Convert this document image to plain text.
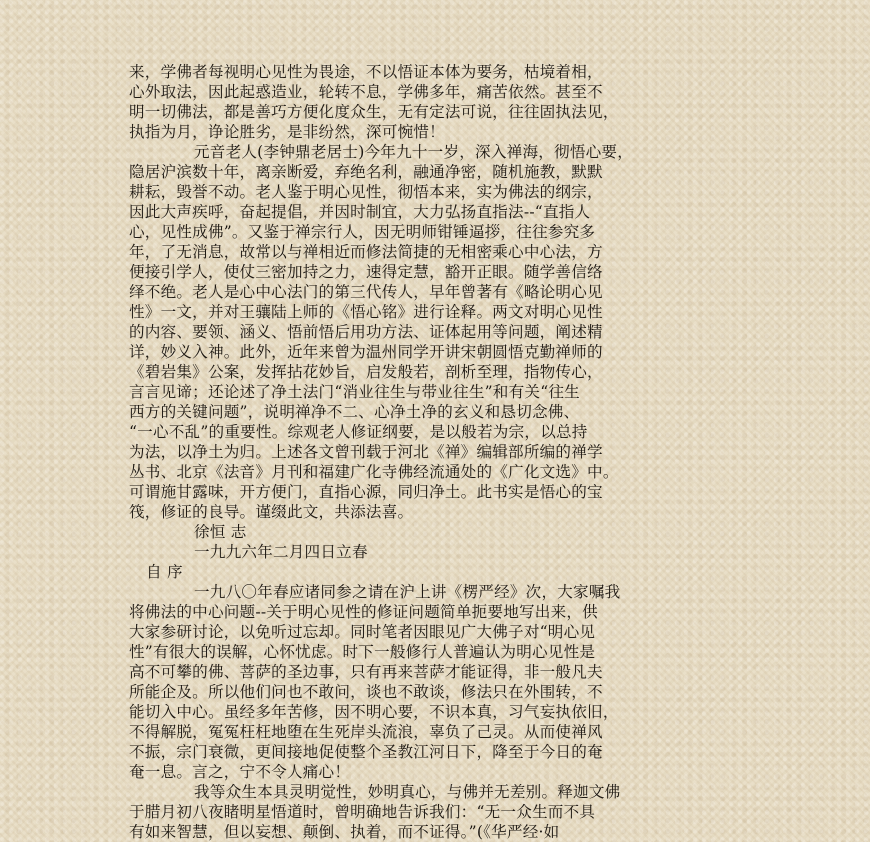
来，学佛者每视明心见性为畏途，不以悟证本体为要务，枯境着相，
心外取法，因此起惑造业，轮转不息，学佛多年，痛苦依然。甚至不
明一切佛法，都是善巧方便化度众生，无有定法可说，往往固执法见，
执指为月，诤论胜劣，是非纷然，深可惋惜！
元音老人(李钟鼎老居士)今年九十一岁，深入禅海，彻悟心要，
隐居沪滨数十年，离亲断爱，弃绝名利，融通净密，随机施教，默默
耕耘，毁誉不动。老人鉴于明心见性，彻悟本来，实为佛法的纲宗，
因此大声疾呼，奋起提倡，并因时制宜，大力弘扬直指法--“直指人
心，见性成佛”。又鉴于禅宗行人，因无明师钳锤逼拶，往往参究多
年，了无消息，故常以与禅相近而修法简捷的无相密乘心中心法，方
便接引学人，使仗三密加持之力，速得定慧，豁开正眼。随学善信络
绎不绝。老人是心中心法门的第三代传人，早年曾著有《略论明心见
性》一文，并对王骧陆上师的《悟心铭》进行诠释。两文对明心见性
的内容、要领、涵义、悟前悟后用功方法、证体起用等问题，阐述精
详，妙义入神。此外，近年来曾为温州同学开讲宋朝圆悟克勤禅师的
《碧岩集》公案，发挥拈花妙旨，启发般若，剖析至理，指物传心，
言言见谛；还论述了净土法门“消业往生与带业往生”和有关“往生
西方的关键问题”，说明禅净不二、心净土净的玄义和恳切念佛、
“一心不乱”的重要性。综观老人修证纲要，是以般若为宗，以总持
为法，以净土为归。上述各文曾刊载于河北《禅》编辑部所编的禅学
丛书、北京《法音》月刊和福建广化寺佛经流通处的《广化文选》中。
可谓施甘露味，开方便门，直指心源，同归净土。此书实是悟心的宝
筏，修证的良导。谨缀此文，共添法喜。
徐恒 志
一九九六年二月四日立春
自 序
一九八〇年春应诸同参之请在沪上讲《楞严经》次，大家嘱我
将佛法的中心问题--关于明心见性的修证问题简单扼要地写出来，供
大家参研讨论，以免听过忘却。同时笔者因眼见广大佛子对“明心见
性”有很大的误解，心怀忧虑。时下一般修行人普遍认为明心见性是
高不可攀的佛、菩萨的圣边事，只有再来菩萨才能证得，非一般凡夫
所能企及。所以他们问也不敢问，谈也不敢谈，修法只在外围转，不
能切入中心。虽经多年苦修，因不明心要，不识本真，习气妄执依旧，
不得解脱，冤冤枉枉地堕在生死岸头流浪，辜负了己灵。从而使禅风
不振，宗门衰微，更间接地促使整个圣教江河日下，降至于今日的奄
奄一息。言之，宁不令人痛心！
我等众生本具灵明觉性，妙明真心，与佛并无差别。释迦文佛
于腊月初八夜睹明星悟道时，曾明确地告诉我们：“无一众生而不具
有如来智慧，但以妄想、颠倒、执着，而不证得。”(《华严经·如
